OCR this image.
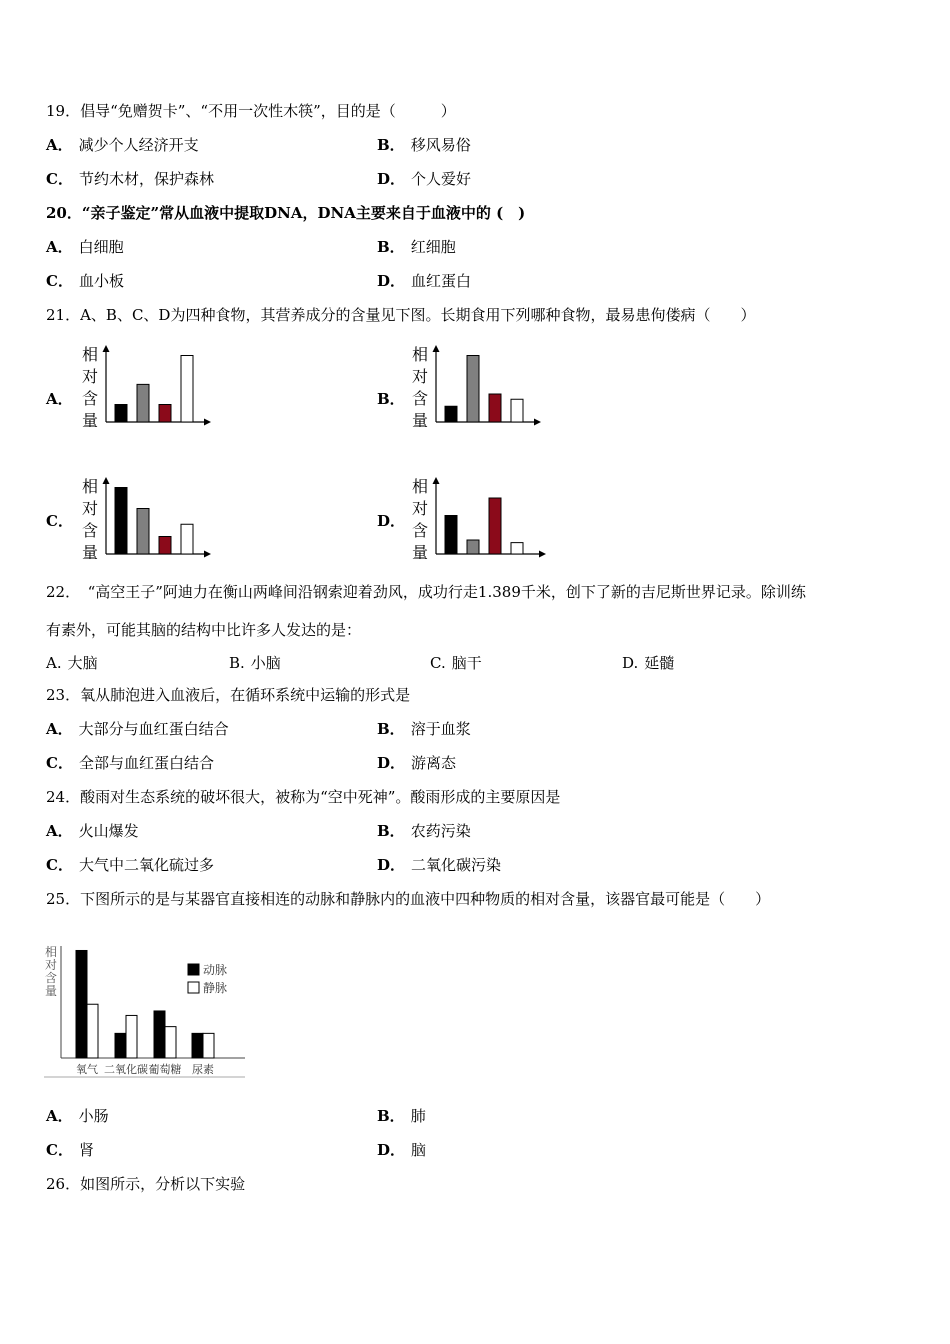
19．倡导“免赠贺卡”、“不用一次性木筷”，目的是（　　　）
A． 减少个人经济开支	B． 移风易俗
C． 节约木材，保护森林	D． 个人爱好
20．“亲子鉴定”常从血液中提取DNA，DNA主要来自于血液中的 (　)
A． 白细胞	B． 红细胞
C． 血小板	D． 血红蛋白
21．A、B、C、D为四种食物，其营养成分的含量见下图。长期食用下列哪种食物，最易患佝偻病（　　）
A．	B．
C．	D．
相
对
含
量
相
对
含
量
相
对
含
量
相
对
含
量
22．　“高空王子”阿迪力在衡山两峰间沿钢索迎着劲风，成功行走1.389千米，创下了新的吉尼斯世界记录。除训练
有素外，可能其脑的结构中比许多人发达的是：
A. 大脑	B. 小脑	C. 脑干	D. 延髓
23．氧从肺泡进入血液后，在循环系统中运输的形式是
A． 大部分与血红蛋白结合	B． 溶于血浆
C． 全部与血红蛋白结合	D． 游离态
24．酸雨对生态系统的破坏很大，被称为“空中死神”。酸雨形成的主要原因是
A． 火山爆发	B． 农药污染
C． 大气中二氧化硫过多	D． 二氧化碳污染
25．下图所示的是与某器官直接相连的动脉和静脉内的血液中四种物质的相对含量，该器官最可能是（　　）
相
对
含
量
氧气 二氧化碳 葡萄糖 尿素
动脉
静脉
A． 小肠	B． 肺
C． 肾	D． 脑
26．如图所示，分析以下实验
